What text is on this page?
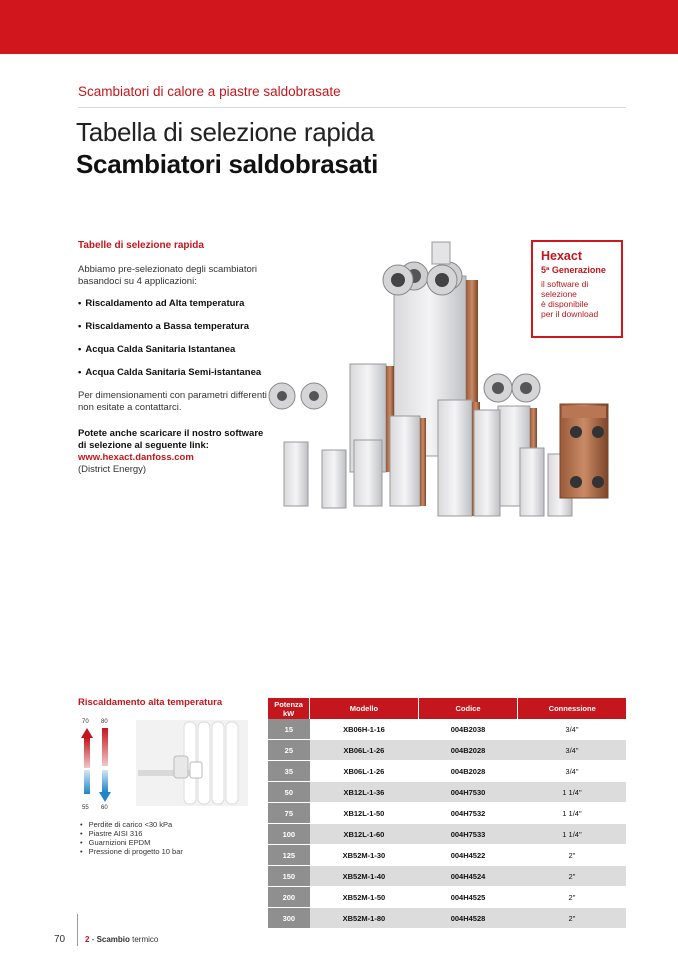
Scambiatori di calore a piastre saldobrasate
Tabella di selezione rapida
Scambiatori saldobrasati
Tabelle di selezione rapida

Abbiamo pre-selezionato degli scambiatori basandoci su 4 applicazioni:

• Riscaldamento ad Alta temperatura
• Riscaldamento a Bassa temperatura
• Acqua Calda Sanitaria Istantanea
• Acqua Calda Sanitaria Semi-istantanea

Per dimensionamenti con parametri differenti non esitate a contattarci.

Potete anche scaricare il nostro software di selezione al seguente link:
www.hexact.danfoss.com
(District Energy)
Hexact
5ª Generazione
il software di
selezione
è disponibile
per il download
Riscaldamento alta temperatura
70 80
55 60
• Perdite di carico <30 kPa
• Piastre AISI 316
• Guarnizioni EPDM
• Pressione di progetto 10 bar
Potenza
kW	Modello	Codice	Connessione
15	XB06H-1-16	004B2038	3/4"
25	XB06L-1-26	004B2028	3/4"
35	XB06L-1-26	004B2028	3/4"
50	XB12L-1-36	004H7530	1 1/4"
75	XB12L-1-50	004H7532	1 1/4"
100	XB12L-1-60	004H7533	1 1/4"
125	XB52M-1-30	004H4522	2"
150	XB52M-1-40	004H4524	2"
200	XB52M-1-50	004H4525	2"
300	XB52M-1-80	004H4528	2"
70 2 - Scambio termico
